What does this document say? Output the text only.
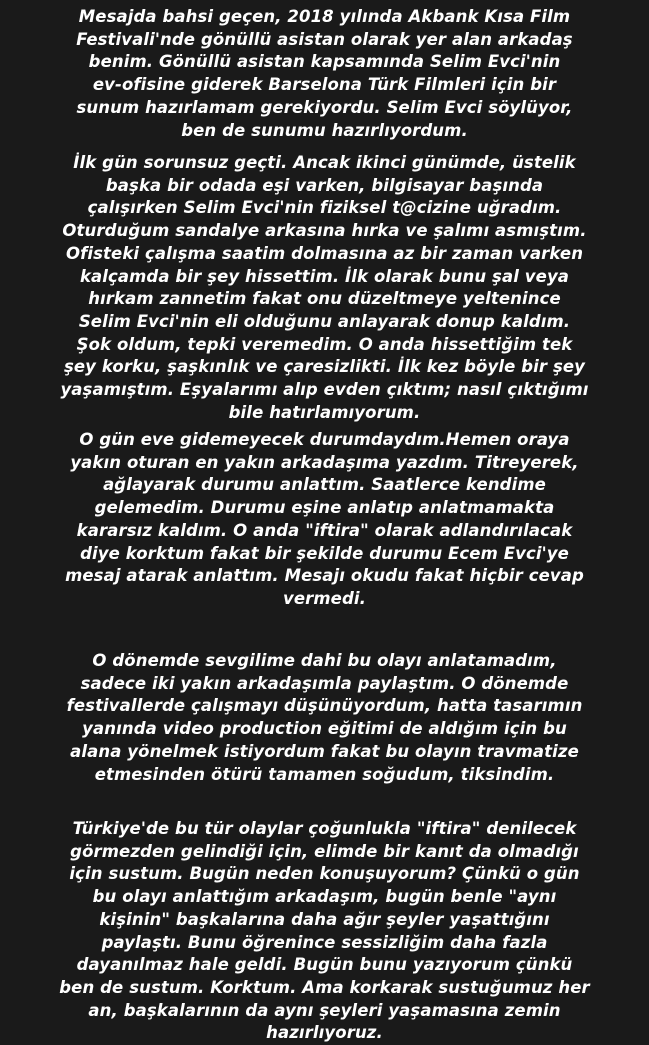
Mesajda bahsi geçen, 2018 yılında Akbank Kısa Film
Festivali'nde gönüllü asistan olarak yer alan arkadaş
benim. Gönüllü asistan kapsamında Selim Evci'nin
ev-ofisine giderek Barselona Türk Filmleri için bir
sunum hazırlamam gerekiyordu. Selim Evci söylüyor,
ben de sunumu hazırlıyordum.

İlk gün sorunsuz geçti. Ancak ikinci günümde, üstelik
başka bir odada eşi varken, bilgisayar başında
çalışırken Selim Evci'nin fiziksel t@cizine uğradım.
Oturduğum sandalye arkasına hırka ve şalımı asmıştım.
Ofisteki çalışma saatim dolmasına az bir zaman varken
kalçamda bir şey hissettim. İlk olarak bunu şal veya
hırkam zannetim fakat onu düzeltmeye yeltenince
Selim Evci'nin eli olduğunu anlayarak donup kaldım.
Şok oldum, tepki veremedim. O anda hissettiğim tek
şey korku, şaşkınlık ve çaresizlikti. İlk kez böyle bir şey
yaşamıştım. Eşyalarımı alıp evden çıktım; nasıl çıktığımı
bile hatırlamıyorum.

O gün eve gidemeyecek durumdaydım.Hemen oraya
yakın oturan en yakın arkadaşıma yazdım. Titreyerek,
ağlayarak durumu anlattım. Saatlerce kendime
gelemedim. Durumu eşine anlatıp anlatmamakta
kararsız kaldım. O anda "iftira" olarak adlandırılacak
diye korktum fakat bir şekilde durumu Ecem Evci'ye
mesaj atarak anlattım. Mesajı okudu fakat hiçbir cevap
vermedi.

O dönemde sevgilime dahi bu olayı anlatamadım,
sadece iki yakın arkadaşımla paylaştım. O dönemde
festivallerde çalışmayı düşünüyordum, hatta tasarımın
yanında video production eğitimi de aldığım için bu
alana yönelmek istiyordum fakat bu olayın travmatize
etmesinden ötürü tamamen soğudum, tiksindim.

Türkiye'de bu tür olaylar çoğunlukla "iftira" denilecek
görmezden gelindiği için, elimde bir kanıt da olmadığı
için sustum. Bugün neden konuşuyorum? Çünkü o gün
bu olayı anlattığım arkadaşım, bugün benle "aynı
kişinin" başkalarına daha ağır şeyler yaşattığını
paylaştı. Bunu öğrenince sessizliğim daha fazla
dayanılmaz hale geldi. Bugün bunu yazıyorum çünkü
ben de sustum. Korktum. Ama korkarak sustuğumuz her
an, başkalarının da aynı şeyleri yaşamasına zemin
hazırlıyoruz.
